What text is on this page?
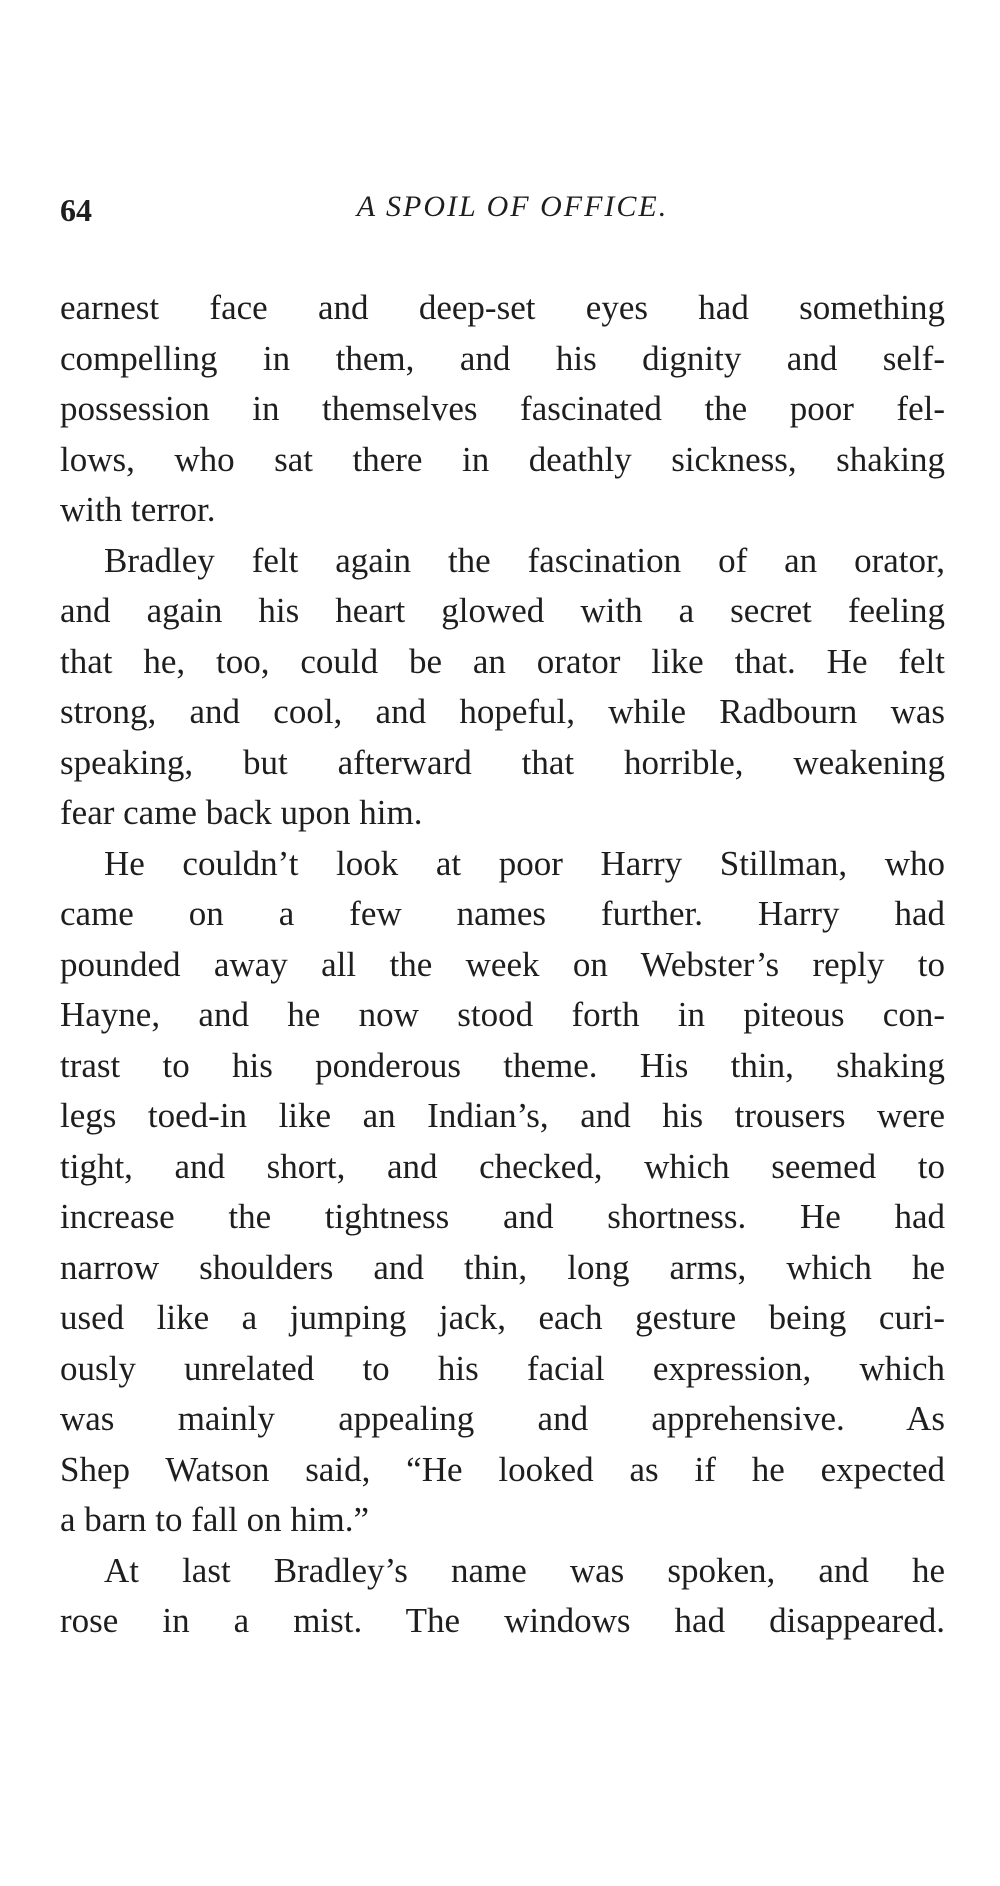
64	A SPOIL OF OFFICE.
earnest face and deep-set eyes had something
compelling in them, and his dignity and self-
possession in themselves fascinated the poor fel-
lows, who sat there in deathly sickness, shaking
with terror.
Bradley felt again the fascination of an orator,
and again his heart glowed with a secret feeling
that he, too, could be an orator like that. He felt
strong, and cool, and hopeful, while Radbourn was
speaking, but afterward that horrible, weakening
fear came back upon him.
He couldn’t look at poor Harry Stillman, who
came on a few names further. Harry had
pounded away all the week on Webster’s reply to
Hayne, and he now stood forth in piteous con-
trast to his ponderous theme. His thin, shaking
legs toed-in like an Indian’s, and his trousers were
tight, and short, and checked, which seemed to
increase the tightness and shortness. He had
narrow shoulders and thin, long arms, which he
used like a jumping jack, each gesture being curi-
ously unrelated to his facial expression, which
was mainly appealing and apprehensive. As
Shep Watson said, “He looked as if he expected
a barn to fall on him.”
At last Bradley’s name was spoken, and he
rose in a mist. The windows had disappeared.
